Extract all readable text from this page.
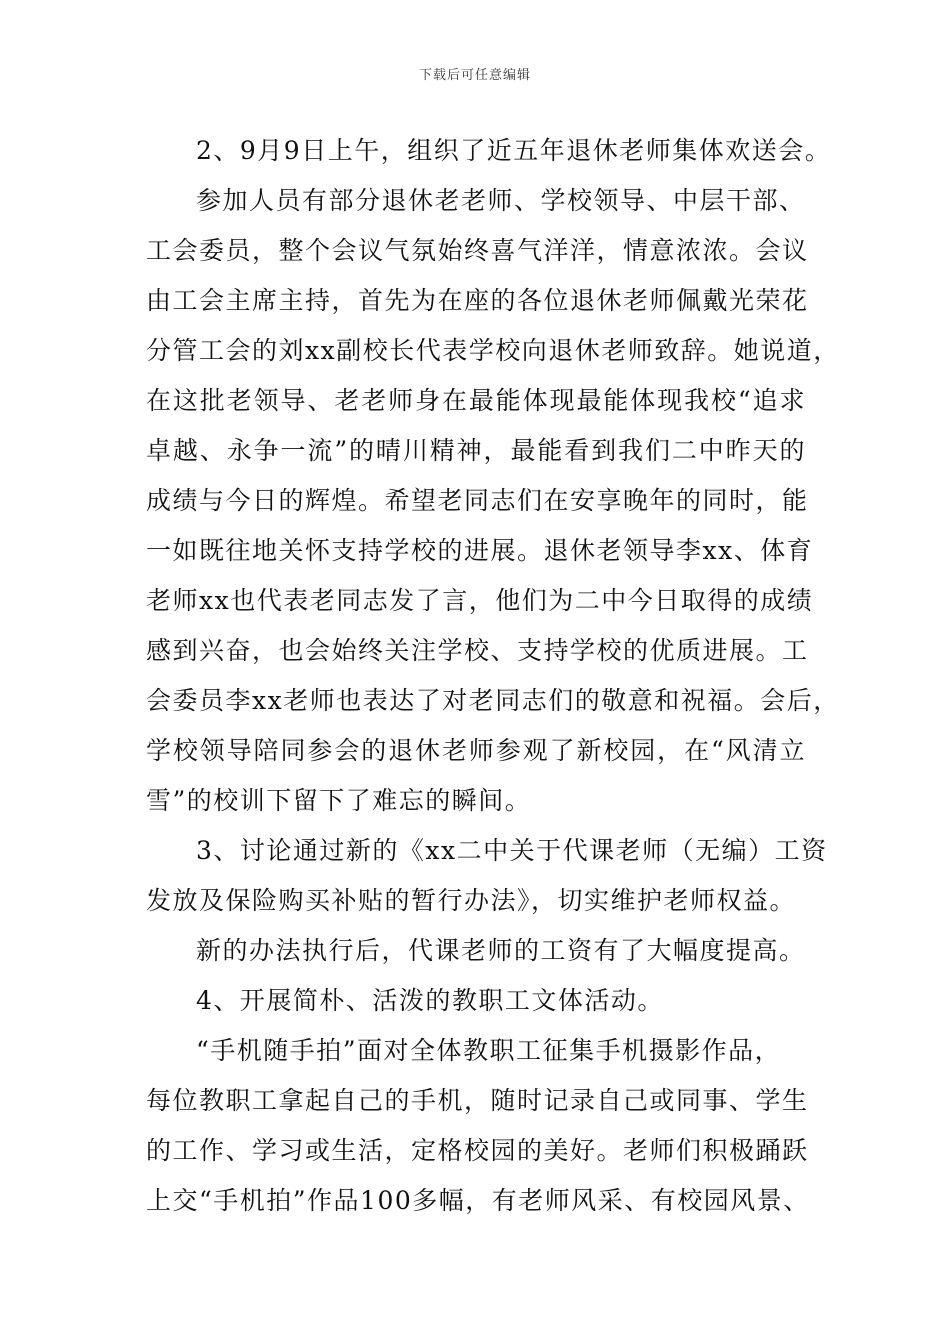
下载后可任意编辑
2、9月9日上午，组织了近五年退休老师集体欢送会。
参加人员有部分退休老老师、学校领导、中层干部、
工会委员，整个会议气氛始终喜气洋洋，情意浓浓。会议
由工会主席主持，首先为在座的各位退休老师佩戴光荣花
分管工会的刘xx副校长代表学校向退休老师致辞。她说道，
在这批老领导、老老师身在最能体现最能体现我校“追求
卓越、永争一流”的晴川精神，最能看到我们二中昨天的
成绩与今日的辉煌。希望老同志们在安享晚年的同时，能
一如既往地关怀支持学校的进展。退休老领导李xx、体育
老师xx也代表老同志发了言，他们为二中今日取得的成绩
感到兴奋，也会始终关注学校、支持学校的优质进展。工
会委员李xx老师也表达了对老同志们的敬意和祝福。会后，
学校领导陪同参会的退休老师参观了新校园，在“风清立
雪”的校训下留下了难忘的瞬间。
3、讨论通过新的《xx二中关于代课老师（无编）工资
发放及保险购买补贴的暂行办法》，切实维护老师权益。
新的办法执行后，代课老师的工资有了大幅度提高。
4、开展简朴、活泼的教职工文体活动。
“手机随手拍”面对全体教职工征集手机摄影作品，
每位教职工拿起自己的手机，随时记录自己或同事、学生
的工作、学习或生活，定格校园的美好。老师们积极踊跃
上交“手机拍”作品100多幅，有老师风采、有校园风景、
